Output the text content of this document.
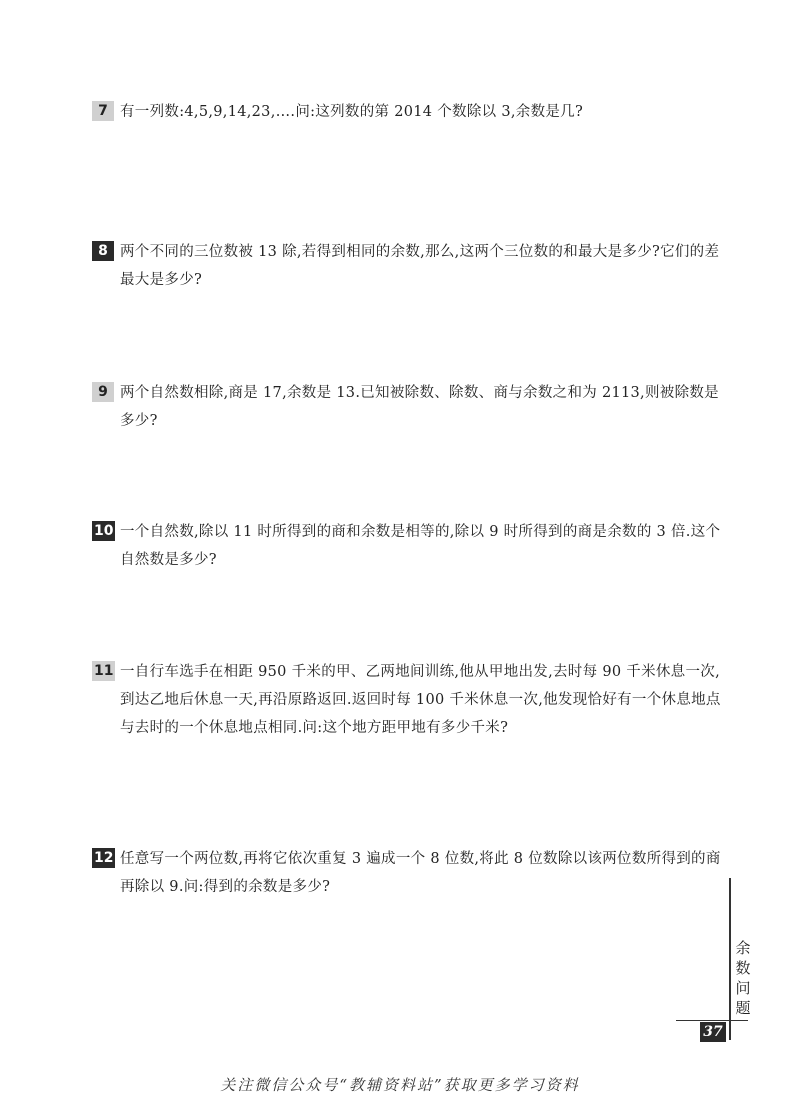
7 有一列数:4,5,9,14,23,….问:这列数的第 2014 个数除以 3,余数是几?
8 两个不同的三位数被 13 除,若得到相同的余数,那么,这两个三位数的和最大是多少?它们的差最大是多少?
9 两个自然数相除,商是 17,余数是 13.已知被除数、除数、商与余数之和为 2113,则被除数是多少?
10 一个自然数,除以 11 时所得到的商和余数是相等的,除以 9 时所得到的商是余数的 3 倍.这个自然数是多少?
11 一自行车选手在相距 950 千米的甲、乙两地间训练,他从甲地出发,去时每 90 千米休息一次,到达乙地后休息一天,再沿原路返回.返回时每 100 千米休息一次,他发现恰好有一个休息地点与去时的一个休息地点相同.问:这个地方距甲地有多少千米?
12 任意写一个两位数,再将它依次重复 3 遍成一个 8 位数,将此 8 位数除以该两位数所得到的商再除以 9.问:得到的余数是多少?
余
数
问
题
37
关注微信公众号“教辅资料站”获取更多学习资料
